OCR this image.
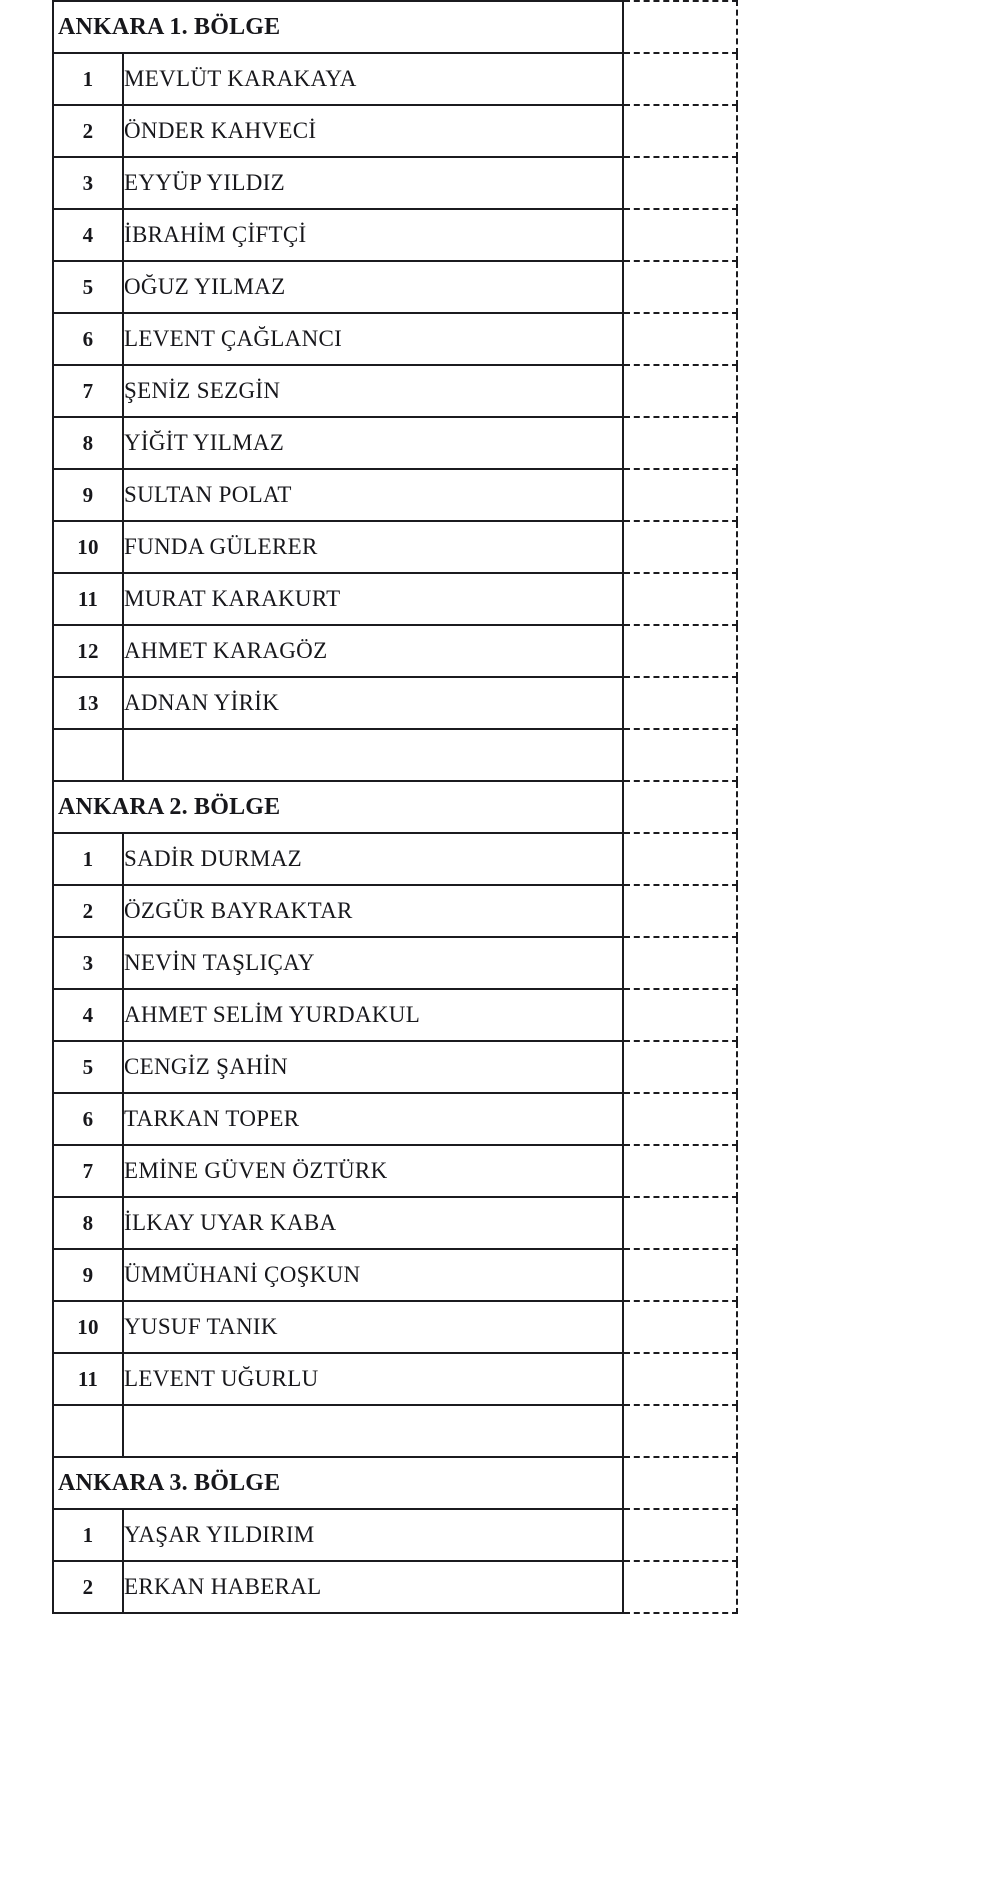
ANKARA 1. BÖLGE		
1	MEVLÜT KARAKAYA	
2	ÖNDER KAHVECİ	
3	EYYÜP YILDIZ	
4	İBRAHİM ÇİFTÇİ	
5	OĞUZ YILMAZ	
6	LEVENT ÇAĞLANCI	
7	ŞENİZ SEZGİN	
8	YİĞİT YILMAZ	
9	SULTAN POLAT	
10	FUNDA GÜLERER	
11	MURAT KARAKURT	
12	AHMET KARAGÖZ	
13	ADNAN YİRİK	

ANKARA 2. BÖLGE		
1	SADİR DURMAZ	
2	ÖZGÜR BAYRAKTAR	
3	NEVİN TAŞLIÇAY	
4	AHMET SELİM YURDAKUL	
5	CENGİZ ŞAHİN	
6	TARKAN TOPER	
7	EMİNE GÜVEN ÖZTÜRK	
8	İLKAY UYAR KABA	
9	ÜMMÜHANİ ÇOŞKUN	
10	YUSUF TANIK	
11	LEVENT UĞURLU	

ANKARA 3. BÖLGE		
1	YAŞAR YILDIRIM	
2	ERKAN HABERAL	
